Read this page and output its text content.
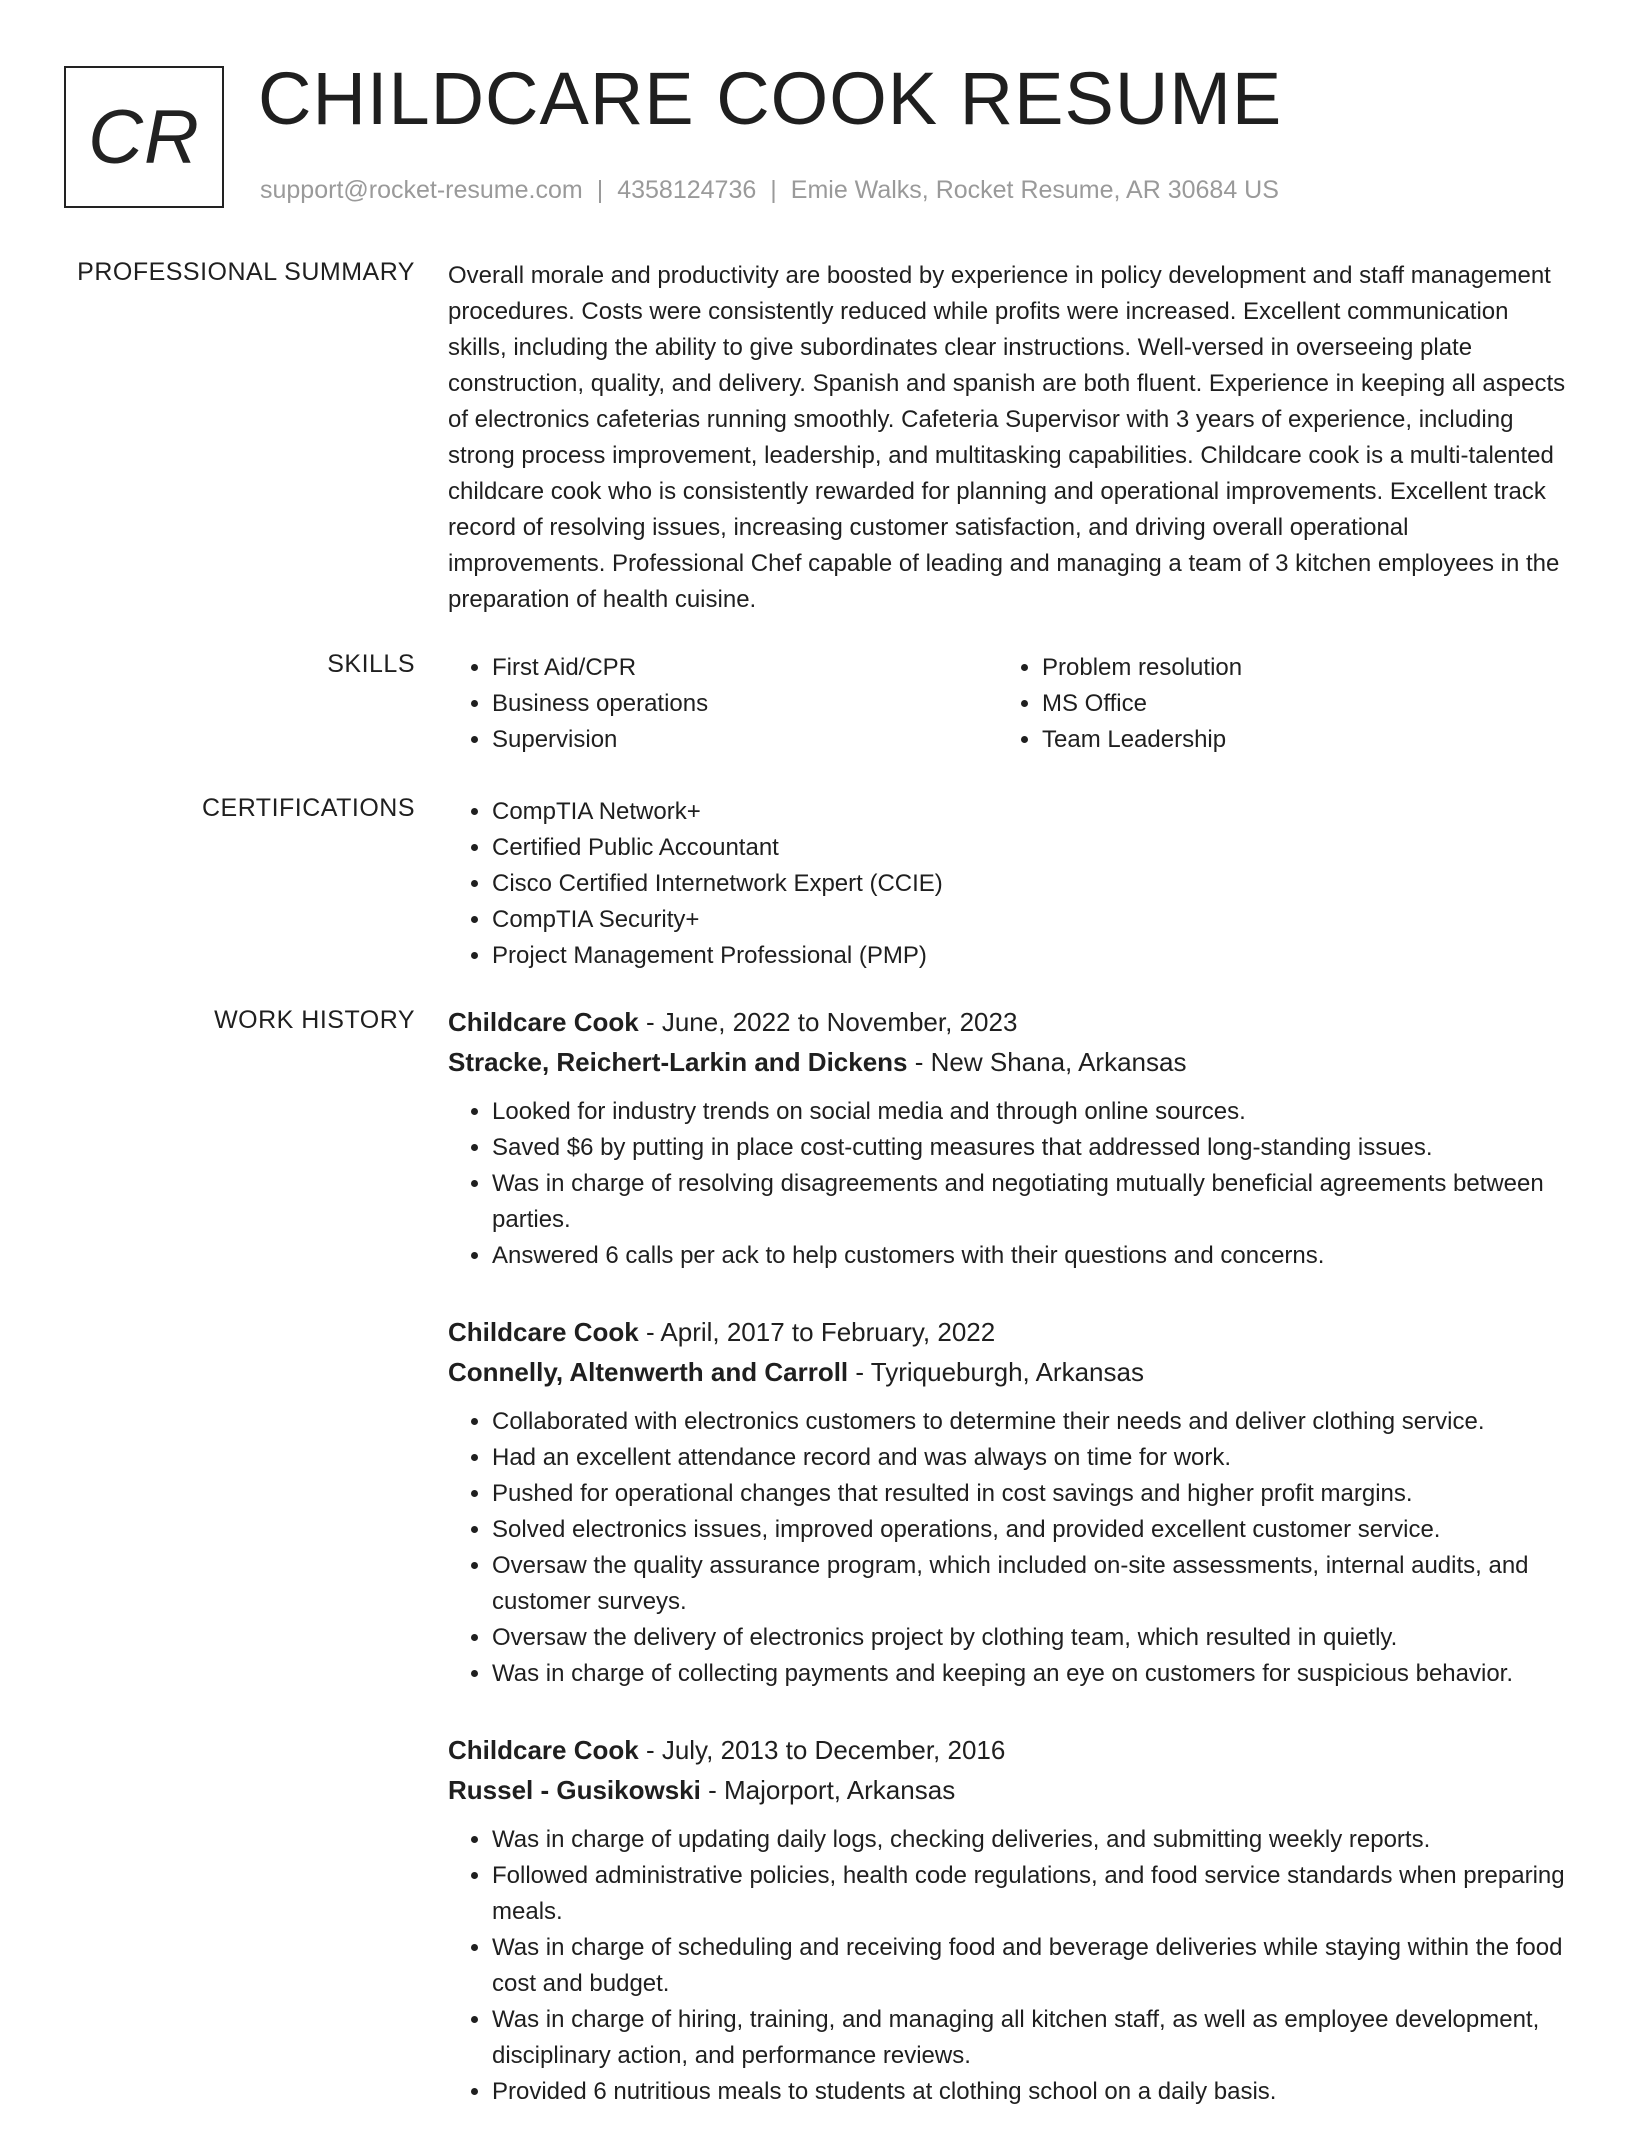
CR CHILDCARE COOK RESUME
support@rocket-resume.com | 4358124736 | Emie Walks, Rocket Resume, AR 30684 US
PROFESSIONAL SUMMARY Overall morale and productivity are boosted by experience in policy development and staff management procedures. Costs were consistently reduced while profits were increased. Excellent communication skills, including the ability to give subordinates clear instructions. Well-versed in overseeing plate construction, quality, and delivery. Spanish and spanish are both fluent. Experience in keeping all aspects of electronics cafeterias running smoothly. Cafeteria Supervisor with 3 years of experience, including strong process improvement, leadership, and multitasking capabilities. Childcare cook is a multi-talented childcare cook who is consistently rewarded for planning and operational improvements. Excellent track record of resolving issues, increasing customer satisfaction, and driving overall operational improvements. Professional Chef capable of leading and managing a team of 3 kitchen employees in the preparation of health cuisine.

SKILLS	• First Aid/CPR
• Business operations
• Supervision
• Problem resolution
• MS Office
• Team Leadership
CERTIFICATIONS	• CompTIA Network+
• Certified Public Accountant
• Cisco Certified Internetwork Expert (CCIE)
• CompTIA Security+
• Project Management Professional (PMP)
WORK HISTORY Childcare Cook - June, 2022 to November, 2023
Stracke, Reichert-Larkin and Dickens - New Shana, Arkansas
• Looked for industry trends on social media and through online sources.
• Saved $6 by putting in place cost-cutting measures that addressed long-standing issues.
• Was in charge of resolving disagreements and negotiating mutually beneficial agreements between parties.
• Answered 6 calls per ack to help customers with their questions and concerns.
Childcare Cook - April, 2017 to February, 2022
Connelly, Altenwerth and Carroll - Tyriqueburgh, Arkansas
• Collaborated with electronics customers to determine their needs and deliver clothing service.
• Had an excellent attendance record and was always on time for work.
• Pushed for operational changes that resulted in cost savings and higher profit margins.
• Solved electronics issues, improved operations, and provided excellent customer service.
• Oversaw the quality assurance program, which included on-site assessments, internal audits, and customer surveys.
• Oversaw the delivery of electronics project by clothing team, which resulted in quietly.
• Was in charge of collecting payments and keeping an eye on customers for suspicious behavior.
Childcare Cook - July, 2013 to December, 2016
Russel - Gusikowski - Majorport, Arkansas
• Was in charge of updating daily logs, checking deliveries, and submitting weekly reports.
• Followed administrative policies, health code regulations, and food service standards when preparing meals.
• Was in charge of scheduling and receiving food and beverage deliveries while staying within the food cost and budget.
• Was in charge of hiring, training, and managing all kitchen staff, as well as employee development, disciplinary action, and performance reviews.
• Provided 6 nutritious meals to students at clothing school on a daily basis.
